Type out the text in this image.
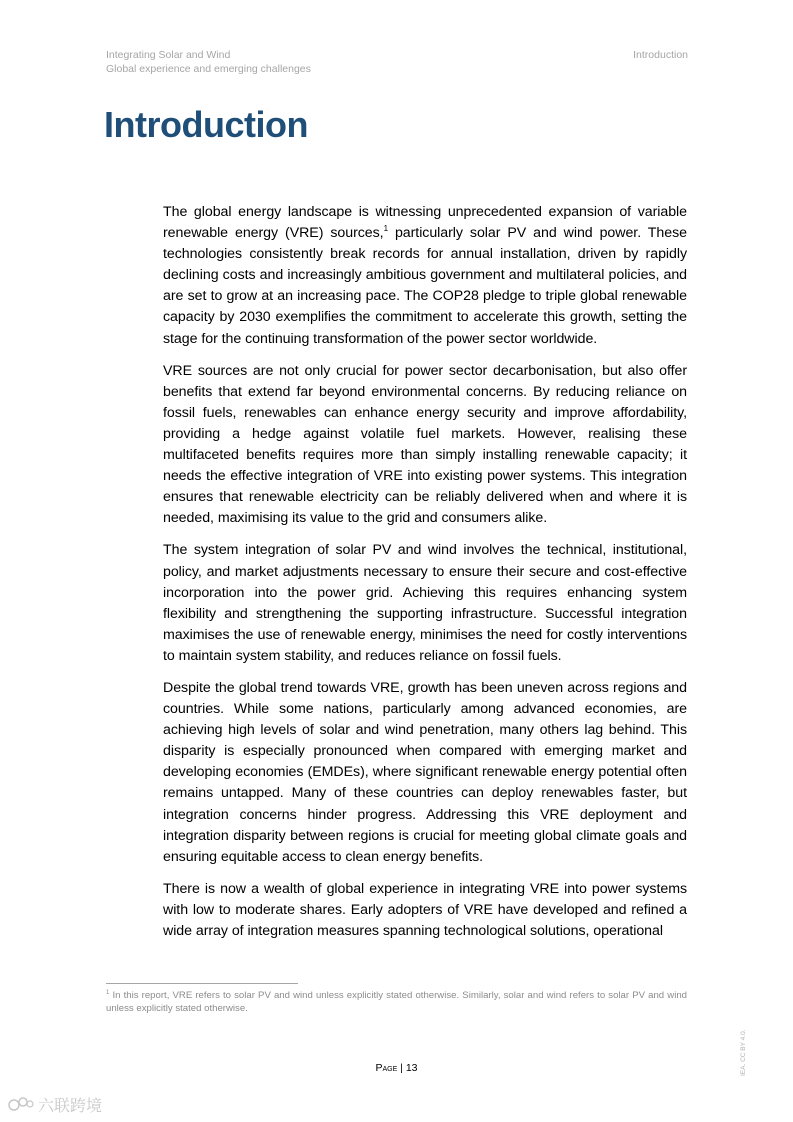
Integrating Solar and Wind
Global experience and emerging challenges
Introduction
Introduction

The global energy landscape is witnessing unprecedented expansion of variable renewable energy (VRE) sources,$^1$ particularly solar PV and wind power. These technologies consistently break records for annual installation, driven by rapidly declining costs and increasingly ambitious government and multilateral policies, and are set to grow at an increasing pace. The COP28 pledge to triple global renewable capacity by 2030 exemplifies the commitment to accelerate this growth, setting the stage for the continuing transformation of the power sector worldwide.

VRE sources are not only crucial for power sector decarbonisation, but also offer benefits that extend far beyond environmental concerns. By reducing reliance on fossil fuels, renewables can enhance energy security and improve affordability, providing a hedge against volatile fuel markets. However, realising these multifaceted benefits requires more than simply installing renewable capacity; it needs the effective integration of VRE into existing power systems. This integration ensures that renewable electricity can be reliably delivered when and where it is needed, maximising its value to the grid and consumers alike.

The system integration of solar PV and wind involves the technical, institutional, policy, and market adjustments necessary to ensure their secure and cost-effective incorporation into the power grid. Achieving this requires enhancing system flexibility and strengthening the supporting infrastructure. Successful integration maximises the use of renewable energy, minimises the need for costly interventions to maintain system stability, and reduces reliance on fossil fuels.

Despite the global trend towards VRE, growth has been uneven across regions and countries. While some nations, particularly among advanced economies, are achieving high levels of solar and wind penetration, many others lag behind. This disparity is especially pronounced when compared with emerging market and developing economies (EMDEs), where significant renewable energy potential often remains untapped. Many of these countries can deploy renewables faster, but integration concerns hinder progress. Addressing this VRE deployment and integration disparity between regions is crucial for meeting global climate goals and ensuring equitable access to clean energy benefits.

There is now a wealth of global experience in integrating VRE into power systems with low to moderate shares. Early adopters of VRE have developed and refined a wide array of integration measures spanning technological solutions, operational

$^1$ In this report, VRE refers to solar PV and wind unless explicitly stated otherwise. Similarly, solar and wind refers to solar PV and wind unless explicitly stated otherwise.
Page | 13	IEA. CC BY 4.0.
六联跨境
